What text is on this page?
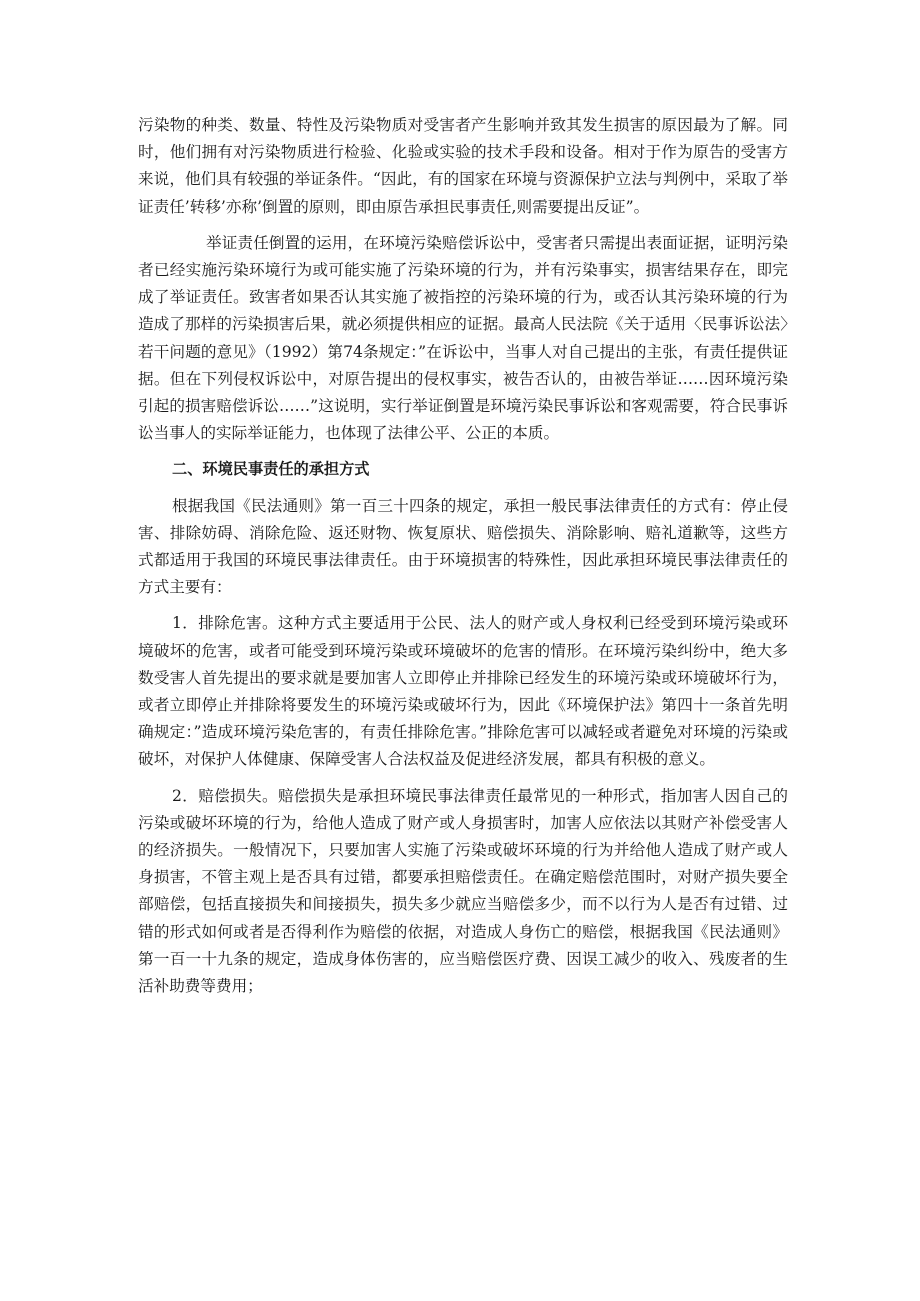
污染物的种类、数量、特性及污染物质对受害者产生影响并致其发生损害的原因最为了解。同时，他们拥有对污染物质进行检验、化验或实验的技术手段和设备。相对于作为原告的受害方来说，他们具有较强的举证条件。“因此，有的国家在环境与资源保护立法与判例中，采取了举证责任’转移’亦称’倒置的原则，即由原告承担民事责任,则需要提出反证”。

举证责任倒置的运用，在环境污染赔偿诉讼中，受害者只需提出表面证据，证明污染者已经实施污染环境行为或可能实施了污染环境的行为，并有污染事实，损害结果存在，即完成了举证责任。致害者如果否认其实施了被指控的污染环境的行为，或否认其污染环境的行为造成了那样的污染损害后果，就必须提供相应的证据。最高人民法院《关于适用〈民事诉讼法〉若干问题的意见》（1992）第74条规定：”在诉讼中，当事人对自己提出的主张，有责任提供证据。但在下列侵权诉讼中，对原告提出的侵权事实，被告否认的，由被告举证……因环境污染引起的损害赔偿诉讼……”这说明，实行举证倒置是环境污染民事诉讼和客观需要，符合民事诉讼当事人的实际举证能力，也体现了法律公平、公正的本质。

二、环境民事责任的承担方式

根据我国《民法通则》第一百三十四条的规定，承担一般民事法律责任的方式有：停止侵害、排除妨碍、消除危险、返还财物、恢复原状、赔偿损失、消除影响、赔礼道歉等，这些方式都适用于我国的环境民事法律责任。由于环境损害的特殊性，因此承担环境民事法律责任的方式主要有：

1．排除危害。这种方式主要适用于公民、法人的财产或人身权利已经受到环境污染或环境破坏的危害，或者可能受到环境污染或环境破坏的危害的情形。在环境污染纠纷中，绝大多数受害人首先提出的要求就是要加害人立即停止并排除已经发生的环境污染或环境破坏行为，或者立即停止并排除将要发生的环境污染或破坏行为，因此《环境保护法》第四十一条首先明确规定：”造成环境污染危害的，有责任排除危害。”排除危害可以减轻或者避免对环境的污染或破坏，对保护人体健康、保障受害人合法权益及促进经济发展，都具有积极的意义。

2．赔偿损失。赔偿损失是承担环境民事法律责任最常见的一种形式，指加害人因自己的污染或破坏环境的行为，给他人造成了财产或人身损害时，加害人应依法以其财产补偿受害人的经济损失。一般情况下，只要加害人实施了污染或破坏环境的行为并给他人造成了财产或人身损害，不管主观上是否具有过错，都要承担赔偿责任。在确定赔偿范围时，对财产损失要全部赔偿，包括直接损失和间接损失，损失多少就应当赔偿多少，而不以行为人是否有过错、过错的形式如何或者是否得利作为赔偿的依据，对造成人身伤亡的赔偿，根据我国《民法通则》第一百一十九条的规定，造成身体伤害的，应当赔偿医疗费、因误工减少的收入、残废者的生活补助费等费用；
